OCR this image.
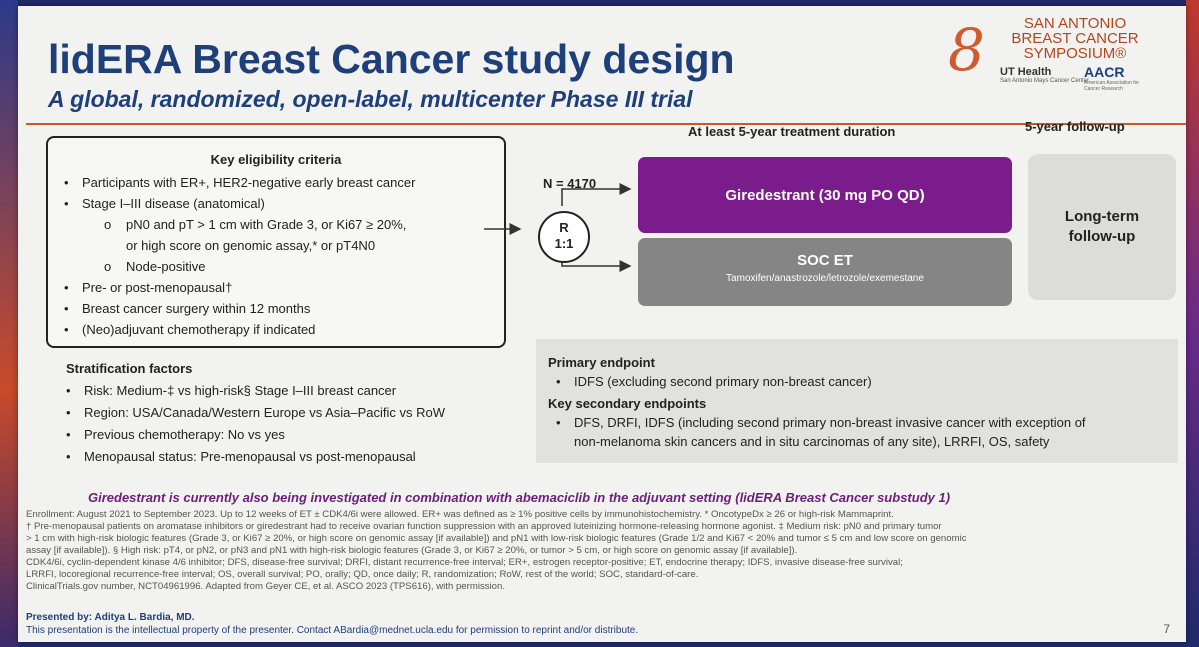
lidERA Breast Cancer study design
A global, randomized, open-label, multicenter Phase III trial
8	SAN ANTONIO
BREAST CANCER
SYMPOSIUM®
UT Health
San Antonio Mays Cancer Center
AACR
American Association for Cancer Research
Key eligibility criteria
• Participants with ER+, HER2-negative early breast cancer
• Stage I–III disease (anatomical)
o pN0 and pT > 1 cm with Grade 3, or Ki67 ≥ 20%,
or high score on genomic assay,* or pT4N0
o Node-positive
• Pre- or post-menopausal†
• Breast cancer surgery within 12 months
• (Neo)adjuvant chemotherapy if indicated
At least 5-year treatment duration	5-year follow-up
N = 4170
R
1:1
Giredestrant (30 mg PO QD)
SOC ET
Tamoxifen/anastrozole/letrozole/exemestane
Long-term
follow-up
Stratification factors
• Risk: Medium-‡ vs high-risk§ Stage I–III breast cancer
• Region: USA/Canada/Western Europe vs Asia–Pacific vs RoW
• Previous chemotherapy: No vs yes
• Menopausal status: Pre-menopausal vs post-menopausal
Primary endpoint
• IDFS (excluding second primary non-breast cancer)
Key secondary endpoints
• DFS, DRFI, IDFS (including second primary non-breast invasive cancer with exception of
non-melanoma skin cancers and in situ carcinomas of any site), LRRFI, OS, safety
Giredestrant is currently also being investigated in combination with abemaciclib in the adjuvant setting (lidERA Breast Cancer substudy 1)
Enrollment: August 2021 to September 2023. Up to 12 weeks of ET ± CDK4/6i were allowed. ER+ was defined as ≥ 1% positive cells by immunohistochemistry. * OncotypeDx ≥ 26 or high-risk Mammaprint.
† Pre-menopausal patients on aromatase inhibitors or giredestrant had to receive ovarian function suppression with an approved luteinizing hormone-releasing hormone agonist. ‡ Medium risk: pN0 and primary tumor
> 1 cm with high-risk biologic features (Grade 3, or Ki67 ≥ 20%, or high score on genomic assay [if available]) and pN1 with low-risk biologic features (Grade 1/2 and Ki67 < 20% and tumor ≤ 5 cm and low score on genomic
assay [if available]). § High risk: pT4, or pN2, or pN3 and pN1 with high-risk biologic features (Grade 3, or Ki67 ≥ 20%, or tumor > 5 cm, or high score on genomic assay [if available]).
CDK4/6i, cyclin-dependent kinase 4/6 inhibitor; DFS, disease-free survival; DRFI, distant recurrence-free interval; ER+, estrogen receptor-positive; ET, endocrine therapy; IDFS, invasive disease-free survival;
LRRFI, locoregional recurrence-free interval; OS, overall survival; PO, orally; QD, once daily; R, randomization; RoW, rest of the world; SOC, standard-of-care.
ClinicalTrials.gov number, NCT04961996. Adapted from Geyer CE, et al. ASCO 2023 (TPS616), with permission.
Presented by: Aditya L. Bardia, MD.
This presentation is the intellectual property of the presenter. Contact ABardia@mednet.ucla.edu for permission to reprint and/or distribute.	7
